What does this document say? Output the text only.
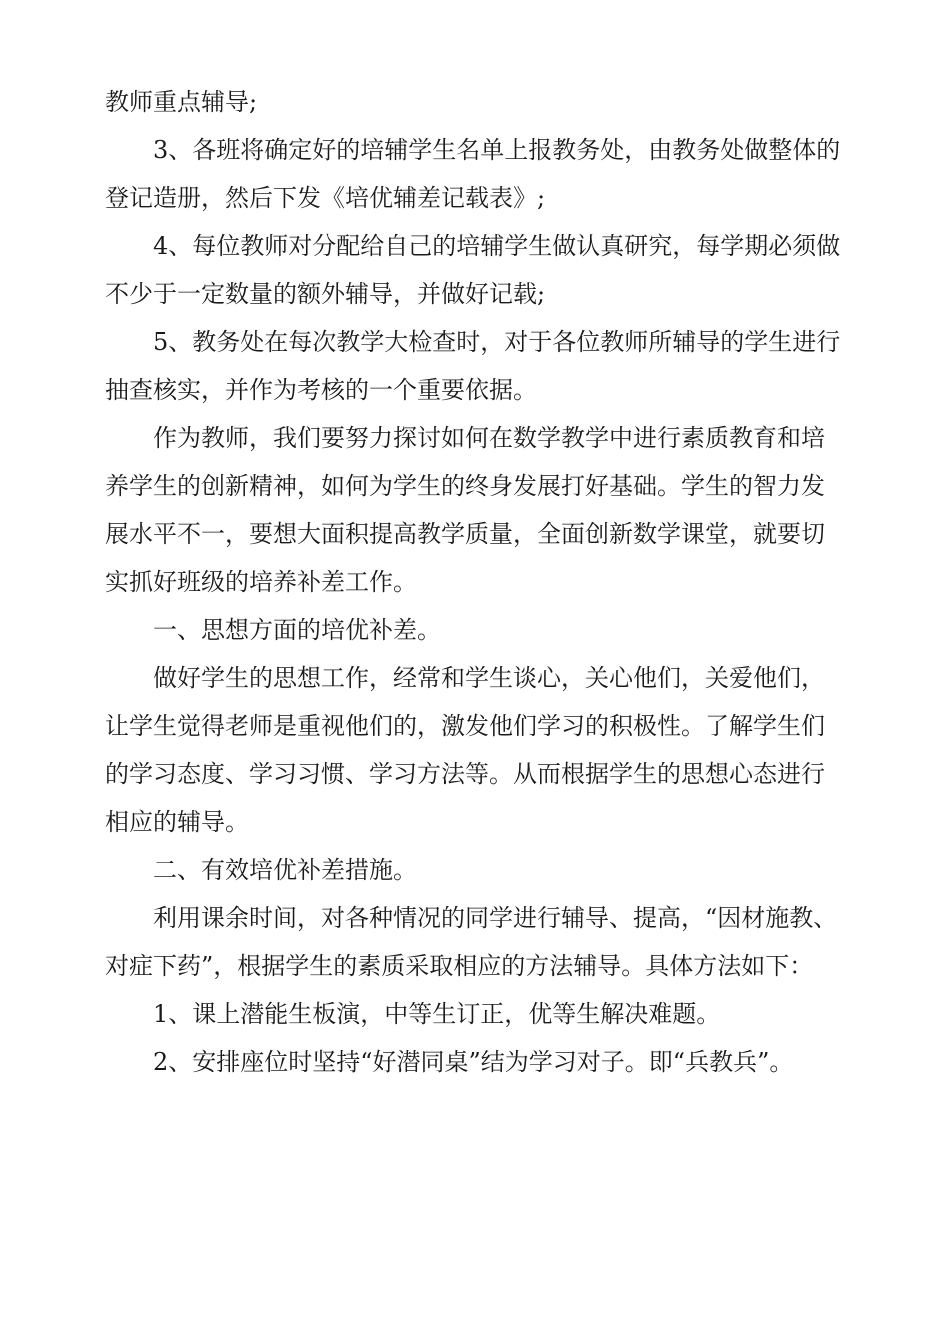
教师重点辅导;

3、各班将确定好的培辅学生名单上报教务处，由教务处做整体的登记造册，然后下发《培优辅差记载表》;

4、每位教师对分配给自己的培辅学生做认真研究，每学期必须做不少于一定数量的额外辅导，并做好记载;

5、教务处在每次教学大检查时，对于各位教师所辅导的学生进行抽查核实，并作为考核的一个重要依据。

作为教师，我们要努力探讨如何在数学教学中进行素质教育和培养学生的创新精神，如何为学生的终身发展打好基础。学生的智力发展水平不一，要想大面积提高教学质量，全面创新数学课堂，就要切实抓好班级的培养补差工作。

一、思想方面的培优补差。

做好学生的思想工作，经常和学生谈心，关心他们，关爱他们，让学生觉得老师是重视他们的，激发他们学习的积极性。了解学生们的学习态度、学习习惯、学习方法等。从而根据学生的思想心态进行相应的辅导。

二、有效培优补差措施。

利用课余时间，对各种情况的同学进行辅导、提高，“因材施教、对症下药”，根据学生的素质采取相应的方法辅导。具体方法如下：

1、课上潜能生板演，中等生订正，优等生解决难题。

2、安排座位时坚持“好潜同桌”结为学习对子。即“兵教兵”。
